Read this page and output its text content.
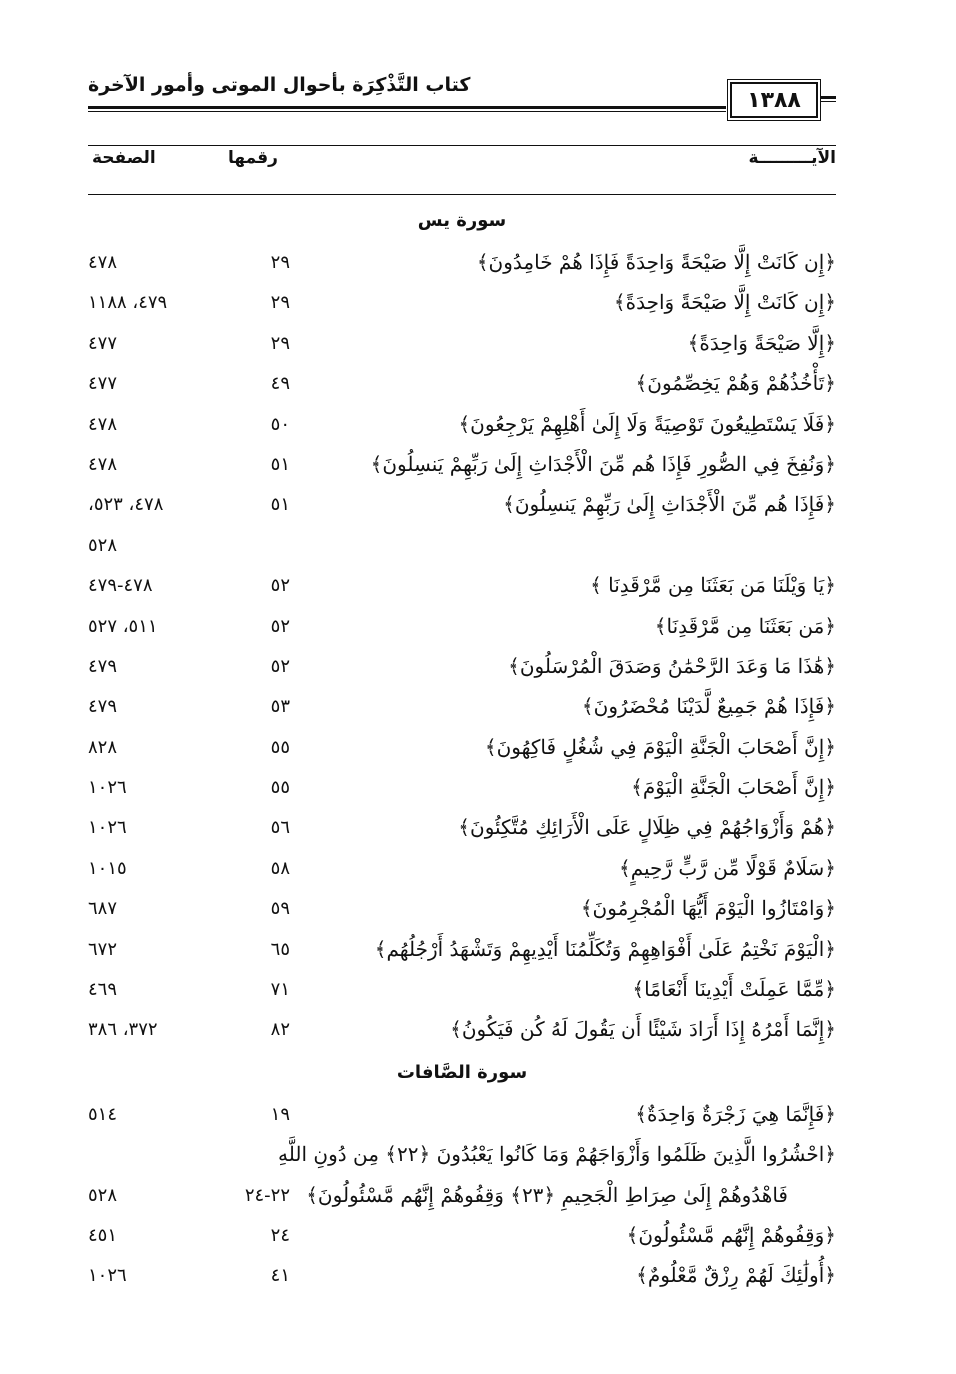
كتاب التَّذْكِرَة بأحوال الموتى وأمور الآخرة
١٣٨٨
الآيـــــــــة
رقمها
الصفحة
سورة يس
﴿إِن كَانَتْ إِلَّا صَيْحَةً وَاحِدَةً فَإِذَا هُمْ خَامِدُونَ﴾
٢٩
٤٧٨
﴿إِن كَانَتْ إِلَّا صَيْحَةً وَاحِدَةً﴾
٢٩
٤٧٩، ١١٨٨
﴿إِلَّا صَيْحَةً وَاحِدَةً﴾
٢٩
٤٧٧
﴿تَأْخُذُهُمْ وَهُمْ يَخِصِّمُونَ﴾
٤٩
٤٧٧
﴿فَلَا يَسْتَطِيعُونَ تَوْصِيَةً وَلَا إِلَىٰ أَهْلِهِمْ يَرْجِعُونَ﴾
٥٠
٤٧٨
﴿وَنُفِخَ فِي الصُّورِ فَإِذَا هُم مِّنَ الْأَجْدَاثِ إِلَىٰ رَبِّهِمْ يَنسِلُونَ﴾
٥١
٤٧٨
﴿فَإِذَا هُم مِّنَ الْأَجْدَاثِ إِلَىٰ رَبِّهِمْ يَنسِلُونَ﴾
٥١
٤٧٨، ٥٢٣،
٥٢٨
﴿يَا وَيْلَنَا مَن بَعَثَنَا مِن مَّرْقَدِنَا ﴾
٥٢
٤٧٨-٤٧٩
﴿مَن بَعَثَنَا مِن مَّرْقَدِنَا﴾
٥٢
٥١١، ٥٢٧
﴿هَٰذَا مَا وَعَدَ الرَّحْمَٰنُ وَصَدَقَ الْمُرْسَلُونَ﴾
٥٢
٤٧٩
﴿فَإِذَا هُمْ جَمِيعٌ لَّدَيْنَا مُحْضَرُونَ﴾
٥٣
٤٧٩
﴿إِنَّ أَصْحَابَ الْجَنَّةِ الْيَوْمَ فِي شُغُلٍ فَاكِهُونَ﴾
٥٥
٨٢٨
﴿إِنَّ أَصْحَابَ الْجَنَّةِ الْيَوْمَ﴾
٥٥
١٠٢٦
﴿هُمْ وَأَزْوَاجُهُمْ فِي ظِلَالٍ عَلَى الْأَرَائِكِ مُتَّكِئُونَ﴾
٥٦
١٠٢٦
﴿سَلَامٌ قَوْلًا مِّن رَّبٍّ رَّحِيمٍ﴾
٥٨
١٠١٥
﴿وَامْتَازُوا الْيَوْمَ أَيُّهَا الْمُجْرِمُونَ﴾
٥٩
٦٨٧
﴿الْيَوْمَ نَخْتِمُ عَلَىٰ أَفْوَاهِهِمْ وَتُكَلِّمُنَا أَيْدِيهِمْ وَتَشْهَدُ أَرْجُلُهُم﴾
٦٥
٦٧٢
﴿مِّمَّا عَمِلَتْ أَيْدِينَا أَنْعَامًا﴾
٧١
٤٦٩
﴿إِنَّمَا أَمْرُهُ إِذَا أَرَادَ شَيْئًا أَن يَقُولَ لَهُ كُن فَيَكُونُ﴾
٨٢
٣٧٢، ٣٨٦
سورة الصَّافات
﴿فَإِنَّمَا هِيَ زَجْرَةٌ وَاحِدَةٌ﴾
١٩
٥١٤
﴿احْشُرُوا الَّذِينَ ظَلَمُوا وَأَزْوَاجَهُمْ وَمَا كَانُوا يَعْبُدُونَ ﴿٢٢﴾ مِن دُونِ اللَّهِ
فَاهْدُوهُمْ إِلَىٰ صِرَاطِ الْجَحِيمِ ﴿٢٣﴾ وَقِفُوهُمْ إِنَّهُم مَّسْئُولُونَ﴾
٢٢-٢٤
٥٢٨
﴿وَقِفُوهُمْ إِنَّهُم مَّسْئُولُونَ﴾
٢٤
٤٥١
﴿أُولَٰئِكَ لَهُمْ رِزْقٌ مَّعْلُومٌ﴾
٤١
١٠٢٦
